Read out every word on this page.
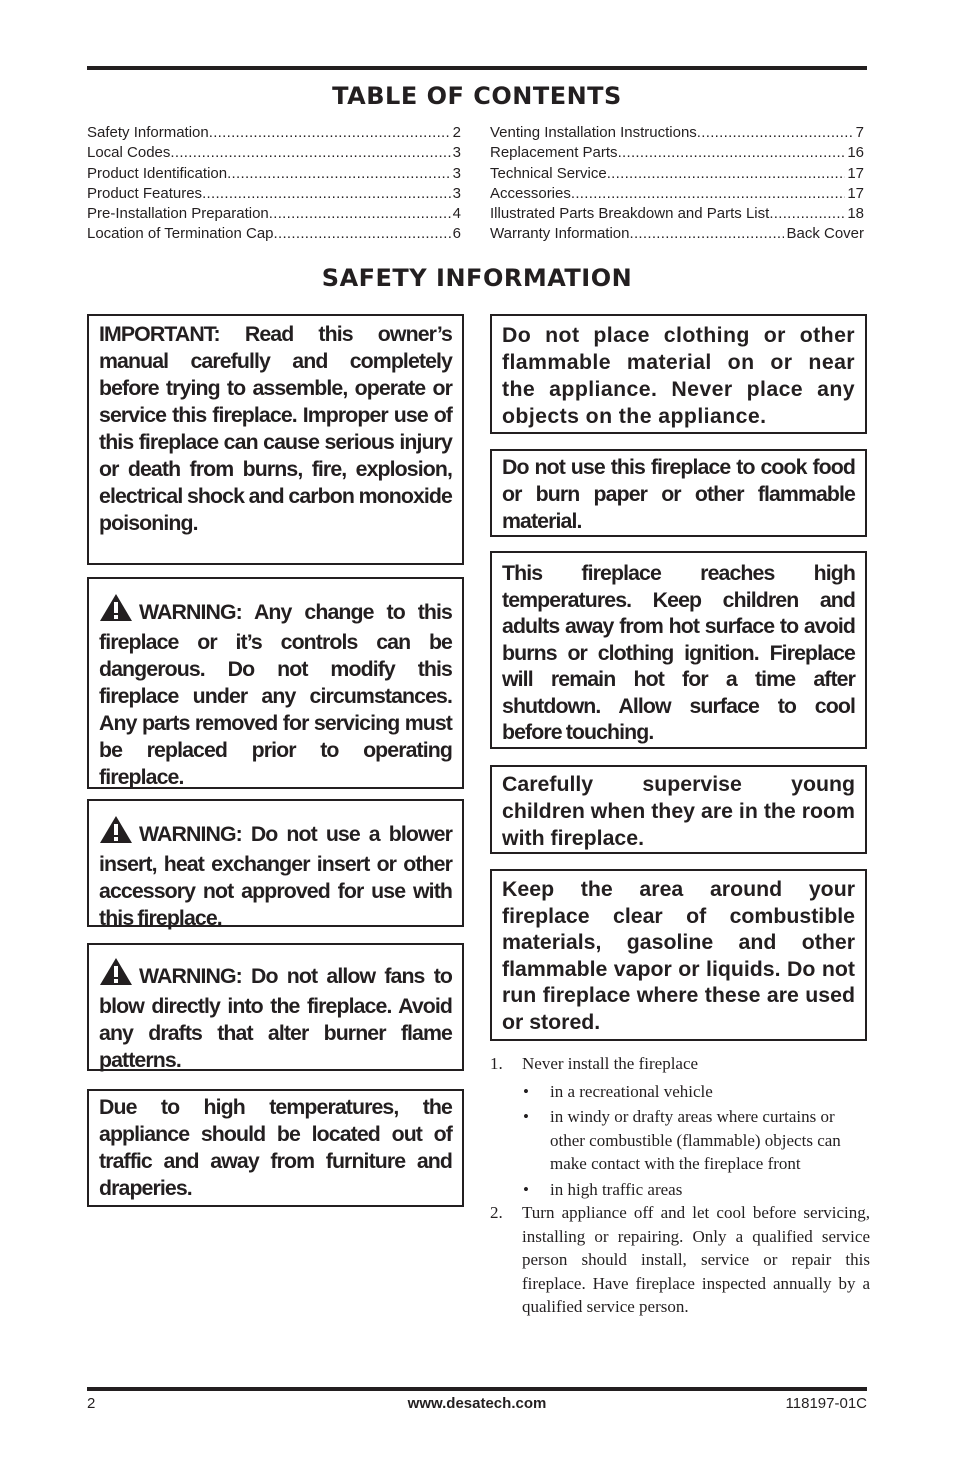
TABLE OF CONTENTS
Safety Information .....	2
Local Codes .....	3
Product Identification .....	3
Product Features .....	3
Pre-Installation Preparation .....	4
Location of Termination Cap .....	6
Venting Installation Instructions .....	7
Replacement Parts .....	16
Technical Service .....	17
Accessories .....	17
Illustrated Parts Breakdown and Parts List .....	18
Warranty Information .....	Back Cover
SAFETY INFORMATION
IMPORTANT: Read this owner’s manual carefully and completely before trying to assemble, operate or service this fireplace. Improper use of this fireplace can cause serious injury or death from burns, fire, explosion, electrical shock and carbon monoxide poisoning.
WARNING: Any change to this fireplace or it’s controls can be dangerous. Do not modify this fireplace under any circumstances. Any parts removed for servicing must be replaced prior to operating fireplace.
WARNING: Do not use a blower insert, heat exchanger insert or other accessory not approved for use with this fireplace.
WARNING: Do not allow fans to blow directly into the fireplace. Avoid any drafts that alter burner flame patterns.
Due to high temperatures, the appliance should be located out of traffic and away from furniture and draperies.
Do not place clothing or other flammable material on or near the appliance. Never place any objects on the appliance.
Do not use this fireplace to cook food or burn paper or other flammable material.
This fireplace reaches high temperatures. Keep children and adults away from hot surface to avoid burns or clothing ignition. Fireplace will remain hot for a time after shutdown. Allow surface to cool before touching.
Carefully supervise young children when they are in the room with fireplace.
Keep the area around your fireplace clear of combustible materials, gasoline and other flammable vapor or liquids. Do not run fireplace where these are used or stored.
1. Never install the fireplace
• in a recreational vehicle
• in windy or drafty areas where curtains or other combustible (flammable) objects can make contact with the fireplace front
• in high traffic areas
2. Turn appliance off and let cool before servicing, installing or repairing. Only a qualified service person should install, service or repair this fireplace. Have fireplace inspected annually by a qualified service person.
2	www.desatech.com	118197-01C
